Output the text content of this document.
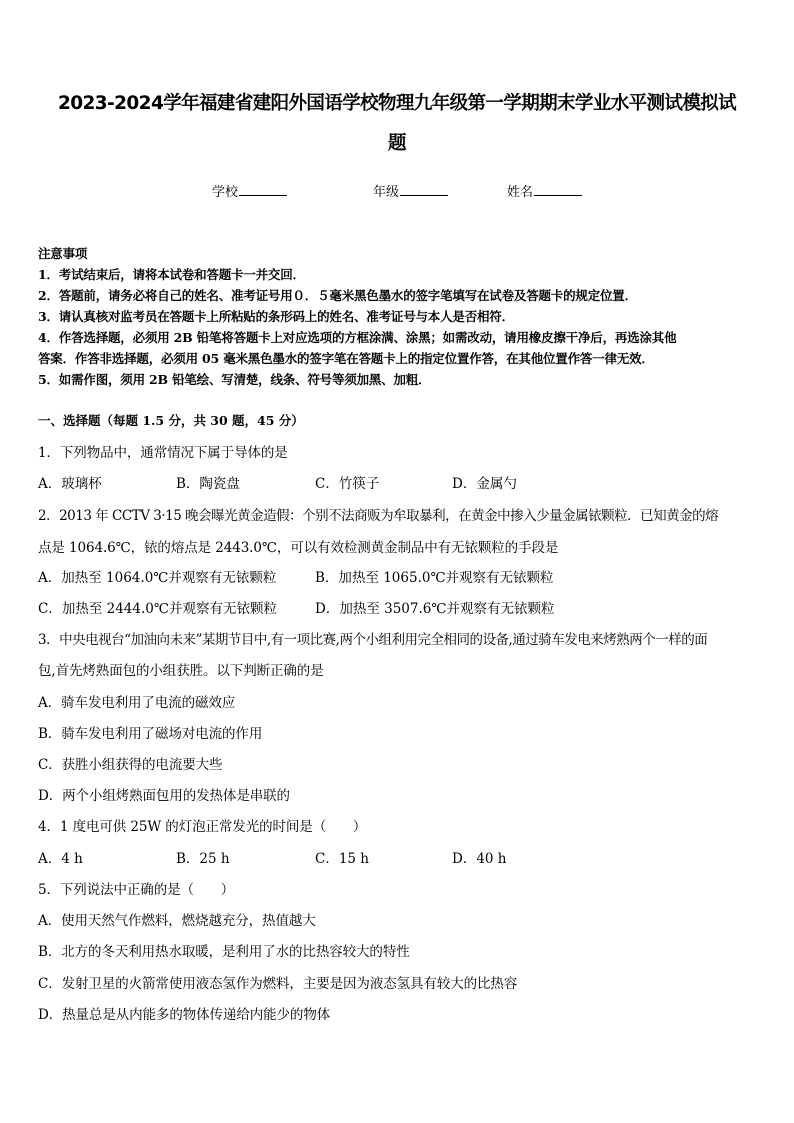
2023-2024学年福建省建阳外国语学校物理九年级第一学期期末学业水平测试模拟试
题
学校	年级	姓名
注意事项
1．考试结束后，请将本试卷和答题卡一并交回．
2．答题前，请务必将自己的姓名、准考证号用０．５毫米黑色墨水的签字笔填写在试卷及答题卡的规定位置．
3．请认真核对监考员在答题卡上所粘贴的条形码上的姓名、准考证号与本人是否相符．
4．作答选择题，必须用 2B 铅笔将答题卡上对应选项的方框涂满、涂黑；如需改动，请用橡皮擦干净后，再选涂其他
答案．作答非选择题，必须用 05 毫米黑色墨水的签字笔在答题卡上的指定位置作答，在其他位置作答一律无效．
5．如需作图，须用 2B 铅笔绘、写清楚，线条、符号等须加黑、加粗．
一、选择题（每题 1.5 分，共 30 题，45 分）
1．下列物品中，通常情况下属于导体的是
A．玻璃杯	B．陶瓷盘	C．竹筷子	D．金属勺
2．2013 年 CCTV 3·15 晚会曝光黄金造假：个别不法商贩为牟取暴利，在黄金中掺入少量金属铱颗粒．已知黄金的熔
点是 1064.6℃，铱的熔点是 2443.0℃，可以有效检测黄金制品中有无铱颗粒的手段是
A．加热至 1064.0℃并观察有无铱颗粒	B．加热至 1065.0℃并观察有无铱颗粒
C．加热至 2444.0℃并观察有无铱颗粒	D．加热至 3507.6℃并观察有无铱颗粒
3．中央电视台“加油向未来”某期节目中,有一项比赛,两个小组利用完全相同的设备,通过骑车发电来烤熟两个一样的面
包,首先烤熟面包的小组获胜。以下判断正确的是
A．骑车发电利用了电流的磁效应
B．骑车发电利用了磁场对电流的作用
C．获胜小组获得的电流要大些
D．两个小组烤熟面包用的发热体是串联的
4．1 度电可供 25W 的灯泡正常发光的时间是（　　）
A．4 h	B．25 h	C．15 h	D．40 h
5．下列说法中正确的是（　　）
A．使用天然气作燃料，燃烧越充分，热值越大
B．北方的冬天利用热水取暖，是利用了水的比热容较大的特性
C．发射卫星的火箭常使用液态氢作为燃料，主要是因为液态氢具有较大的比热容
D．热量总是从内能多的物体传递给内能少的物体
